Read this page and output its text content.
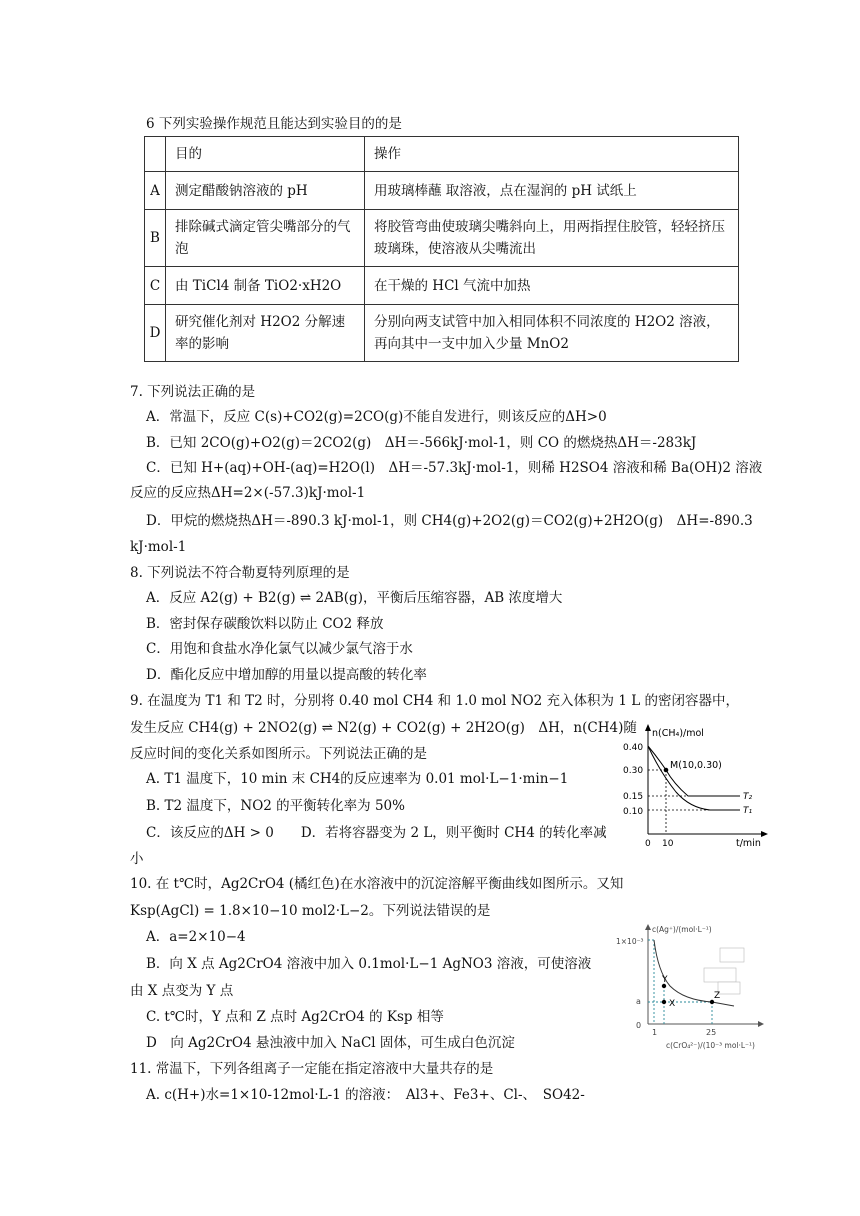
6 下列实验操作规范且能达到实验目的的是
	目的	操作
A	测定醋酸钠溶液的 pH	用玻璃棒蘸 取溶液，点在湿润的 pH 试纸上
B	排除碱式滴定管尖嘴部分的气泡	将胶管弯曲使玻璃尖嘴斜向上，用两指捏住胶管，轻轻挤压玻璃珠，使溶液从尖嘴流出
C	由 TiCl4 制备 TiO2·xH2O	在干燥的 HCl 气流中加热
D	研究催化剂对 H2O2 分解速率的影响	分别向两支试管中加入相同体积不同浓度的 H2O2 溶液，再向其中一支中加入少量 MnO2
7. 下列说法正确的是
A．常温下，反应 C(s)+CO2(g)=2CO(g)不能自发进行，则该反应的ΔH>0
B．已知 2CO(g)+O2(g)＝2CO2(g)　ΔH＝-566kJ·mol-1，则 CO 的燃烧热ΔH＝-283kJ
C．已知 H+(aq)+OH-(aq)=H2O(l)　ΔH＝-57.3kJ·mol-1，则稀 H2SO4 溶液和稀 Ba(OH)2 溶液
反应的反应热ΔH=2×(-57.3)kJ·mol-1
D．甲烷的燃烧热ΔH＝-890.3 kJ·mol-1，则 CH4(g)+2O2(g)＝CO2(g)+2H2O(g)　ΔH=-890.3
kJ·mol-1
8. 下列说法不符合勒夏特列原理的是
A．反应 A2(g) + B2(g) ⇌ 2AB(g)，平衡后压缩容器，AB 浓度增大
B．密封保存碳酸饮料以防止 CO2 释放
C．用饱和食盐水净化氯气以减少氯气溶于水
D．酯化反应中增加醇的用量以提高酸的转化率
9. 在温度为 T1 和 T2 时，分别将 0.40 mol CH4 和 1.0 mol NO2 充入体积为 1 L 的密闭容器中，
发生反应 CH4(g) + 2NO2(g) ⇌ N2(g) + CO2(g) + 2H2O(g)　ΔH，n(CH4)随
反应时间的变化关系如图所示。下列说法正确的是
A. T1 温度下，10 min 末 CH4的反应速率为 0.01 mol·L−1·min−1
B. T2 温度下，NO2 的平衡转化率为 50%
C．该反应的ΔH > 0　　D．若将容器变为 2 L，则平衡时 CH4 的转化率减
小
n(CH₄)/mol
t/min
0.40
0.30
0.15
0.10
0 10
M(10,0.30)
T₂
T₁
10. 在 t℃时，Ag2CrO4 (橘红色)在水溶液中的沉淀溶解平衡曲线如图所示。又知
Ksp(AgCl) = 1.8×10−10 mol2·L−2。下列说法错误的是
A．a=2×10−4
B．向 X 点 Ag2CrO4 溶液中加入 0.1mol·L−1 AgNO3 溶液，可使溶液
由 X 点变为 Y 点
C. t℃时，Y 点和 Z 点时 Ag2CrO4 的 Ksp 相等
D　向 Ag2CrO4 悬浊液中加入 NaCl 固体，可生成白色沉淀
c(Ag⁺)/(mol·L⁻¹)
1×10⁻³
a
0
1	25
c(CrO₄²⁻)/(10⁻³ mol·L⁻¹)
Y
X
Z
11. 常温下，下列各组离子一定能在指定溶液中大量共存的是
A. c(H+)水=1×10-12mol·L-1 的溶液：　Al3+、Fe3+、Cl-、　SO42-
